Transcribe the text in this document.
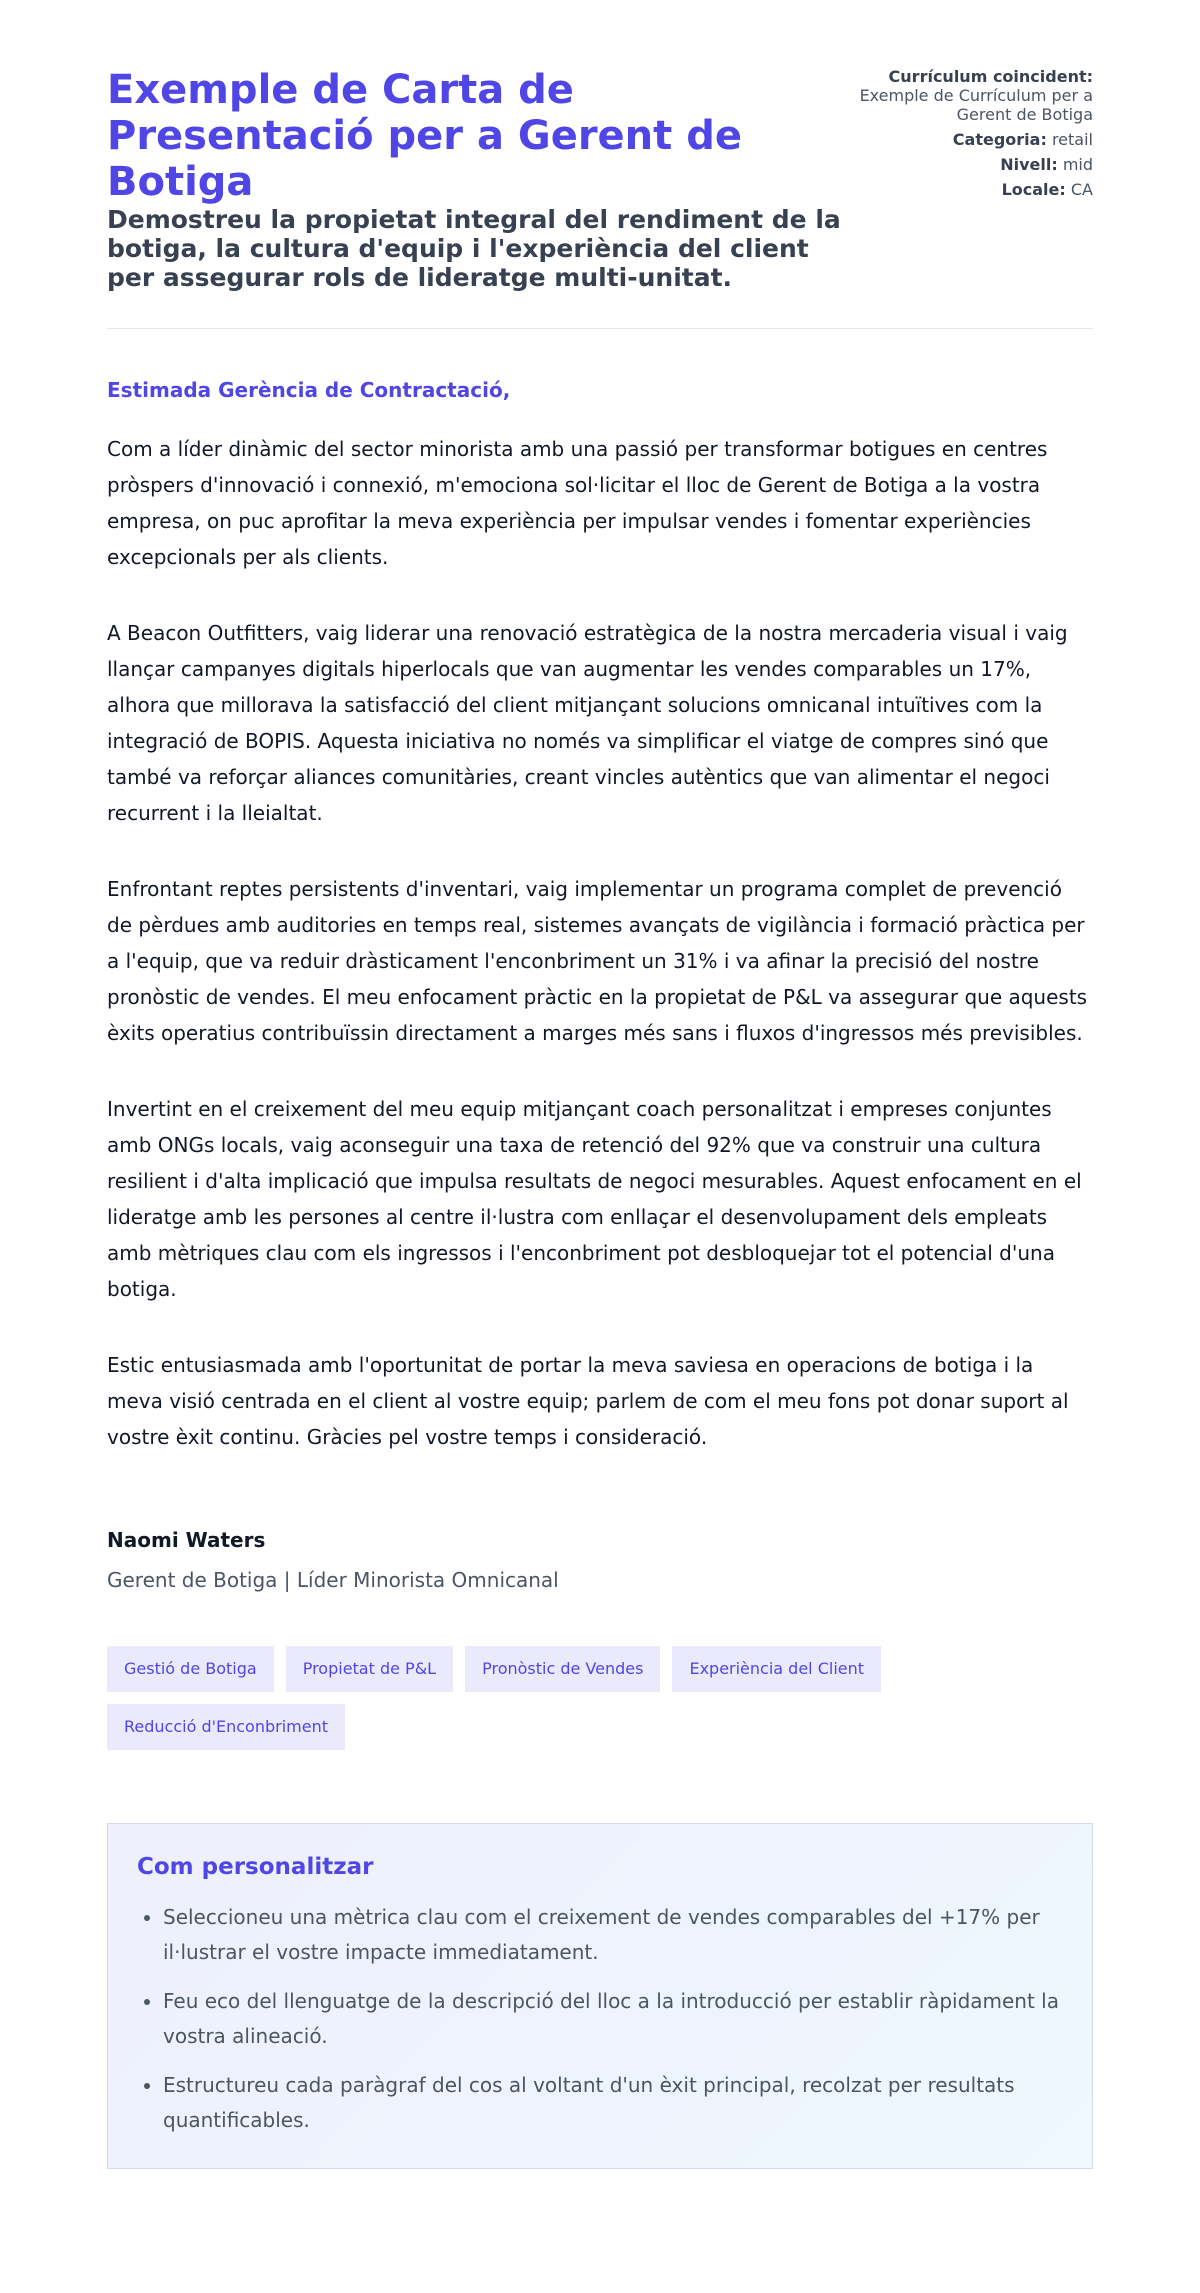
Exemple de Carta de Presentació per a Gerent de Botiga

Demostreu la propietat integral del rendiment de la botiga, la cultura d'equip i l'experiència del client per assegurar rols de lideratge multi-unitat.

Currículum coincident: Exemple de Currículum per a Gerent de Botiga
Categoria: retail
Nivell: mid
Locale: CA

Estimada Gerència de Contractació,

Com a líder dinàmic del sector minorista amb una passió per transformar botigues en centres pròspers d'innovació i connexió, m'emociona sol·licitar el lloc de Gerent de Botiga a la vostra empresa, on puc aprofitar la meva experiència per impulsar vendes i fomentar experiències excepcionals per als clients.

A Beacon Outfitters, vaig liderar una renovació estratègica de la nostra mercaderia visual i vaig llançar campanyes digitals hiperlocals que van augmentar les vendes comparables un 17%, alhora que millorava la satisfacció del client mitjançant solucions omnicanal intuïtives com la integració de BOPIS. Aquesta iniciativa no només va simplificar el viatge de compres sinó que també va reforçar aliances comunitàries, creant vincles autèntics que van alimentar el negoci recurrent i la lleialtat.

Enfrontant reptes persistents d'inventari, vaig implementar un programa complet de prevenció de pèrdues amb auditories en temps real, sistemes avançats de vigilància i formació pràctica per a l'equip, que va reduir dràsticament l'enconbriment un 31% i va afinar la precisió del nostre pronòstic de vendes. El meu enfocament pràctic en la propietat de P&L va assegurar que aquests èxits operatius contribuïssin directament a marges més sans i fluxos d'ingressos més previsibles.

Invertint en el creixement del meu equip mitjançant coach personalitzat i empreses conjuntes amb ONGs locals, vaig aconseguir una taxa de retenció del 92% que va construir una cultura resilient i d'alta implicació que impulsa resultats de negoci mesurables. Aquest enfocament en el lideratge amb les persones al centre il·lustra com enllaçar el desenvolupament dels empleats amb mètriques clau com els ingressos i l'enconbriment pot desbloquejar tot el potencial d'una botiga.

Estic entusiasmada amb l'oportunitat de portar la meva saviesa en operacions de botiga i la meva visió centrada en el client al vostre equip; parlem de com el meu fons pot donar suport al vostre èxit continu. Gràcies pel vostre temps i consideració.

Naomi Waters

Gerent de Botiga | Líder Minorista Omnicanal

Gestió de Botiga	Propietat de P&L	Pronòstic de Vendes	Experiència del Client
Reducció d'Enconbriment
Com personalitzar
• Seleccioneu una mètrica clau com el creixement de vendes comparables del +17% per il·lustrar el vostre impacte immediatament.
• Feu eco del llenguatge de la descripció del lloc a la introducció per establir ràpidament la vostra alineació.
• Estructureu cada paràgraf del cos al voltant d'un èxit principal, recolzat per resultats quantificables.
